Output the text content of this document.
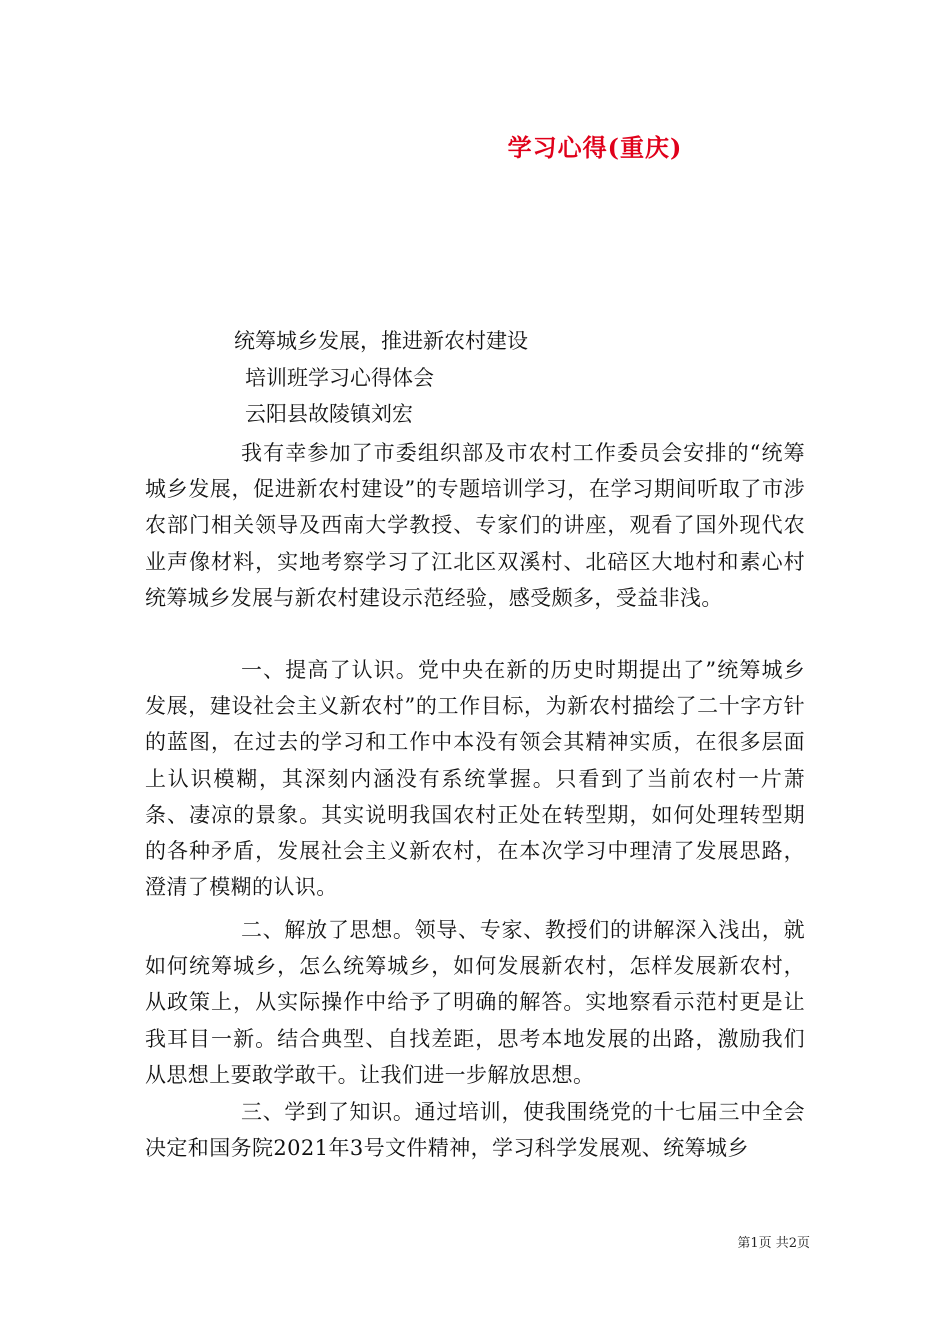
学习心得(重庆)

统筹城乡发展，推进新农村建设

培训班学习心得体会

云阳县故陵镇刘宏

我有幸参加了市委组织部及市农村工作委员会安排的“统筹城乡发展，促进新农村建设”的专题培训学习，在学习期间听取了市涉农部门相关领导及西南大学教授、专家们的讲座，观看了国外现代农业声像材料，实地考察学习了江北区双溪村、北碚区大地村和素心村统筹城乡发展与新农村建设示范经验，感受颇多，受益非浅。

一、提高了认识。党中央在新的历史时期提出了”统筹城乡发展，建设社会主义新农村”的工作目标，为新农村描绘了二十字方针的蓝图，在过去的学习和工作中本没有领会其精神实质，在很多层面上认识模糊，其深刻内涵没有系统掌握。只看到了当前农村一片萧条、凄凉的景象。其实说明我国农村正处在转型期，如何处理转型期的各种矛盾，发展社会主义新农村，在本次学习中理清了发展思路，澄清了模糊的认识。

二、解放了思想。领导、专家、教授们的讲解深入浅出，就如何统筹城乡，怎么统筹城乡，如何发展新农村，怎样发展新农村，从政策上，从实际操作中给予了明确的解答。实地察看示范村更是让我耳目一新。结合典型、自找差距，思考本地发展的出路，激励我们从思想上要敢学敢干。让我们进一步解放思想。

三、学到了知识。通过培训，使我围绕党的十七届三中全会决定和国务院2021年3号文件精神，学习科学发展观、统筹城乡

第1页 共2页
